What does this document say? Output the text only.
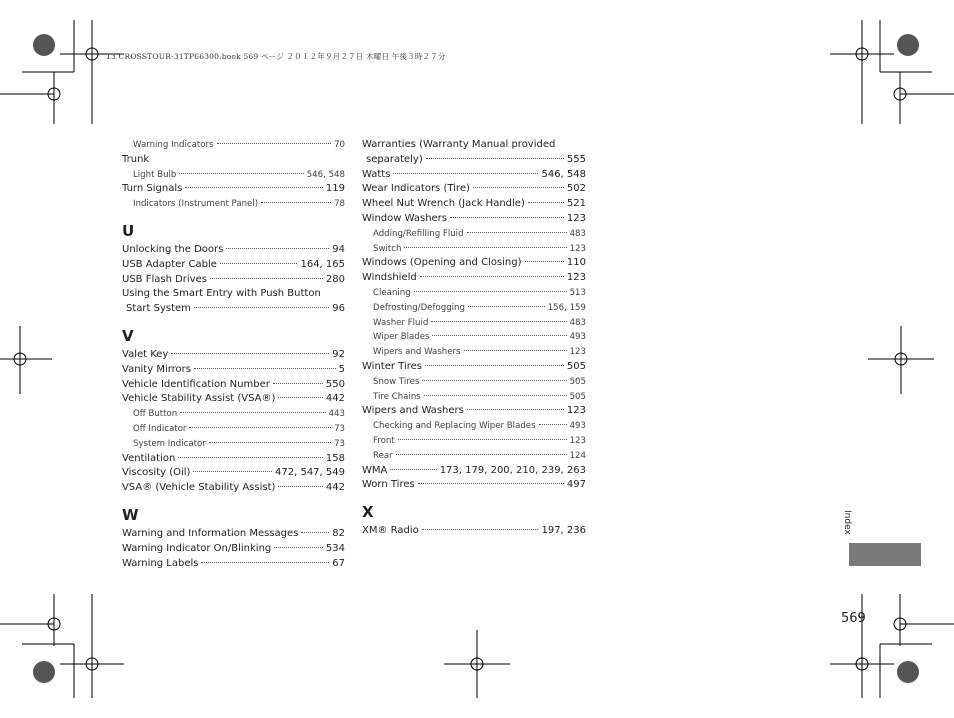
13 CROSSTOUR-31TP66300.book 569 ページ ２０１２年９月２７日 木曜日 午後３時２７分
Warning Indicators	70
Trunk
Light Bulb	546, 548
Turn Signals	119
Indicators (Instrument Panel)	78
U
Unlocking the Doors	94
USB Adapter Cable	164, 165
USB Flash Drives	280
Using the Smart Entry with Push Button
Start System	96
V
Valet Key	92
Vanity Mirrors	5
Vehicle Identification Number	550
Vehicle Stability Assist (VSA®)	442
Off Button	443
Off Indicator	73
System Indicator	73
Ventilation	158
Viscosity (Oil)	472, 547, 549
VSA® (Vehicle Stability Assist)	442
W
Warning and Information Messages	82
Warning Indicator On/Blinking	534
Warning Labels	67
Warranties (Warranty Manual provided
separately)	555
Watts	546, 548
Wear Indicators (Tire)	502
Wheel Nut Wrench (Jack Handle)	521
Window Washers	123
Adding/Refilling Fluid	483
Switch	123
Windows (Opening and Closing)	110
Windshield	123
Cleaning	513
Defrosting/Defogging	156, 159
Washer Fluid	483
Wiper Blades	493
Wipers and Washers	123
Winter Tires	505
Snow Tires	505
Tire Chains	505
Wipers and Washers	123
Checking and Replacing Wiper Blades	493
Front	123
Rear	124
WMA	173, 179, 200, 210, 239, 263
Worn Tires	497
X
XM® Radio	197, 236	Index
569
